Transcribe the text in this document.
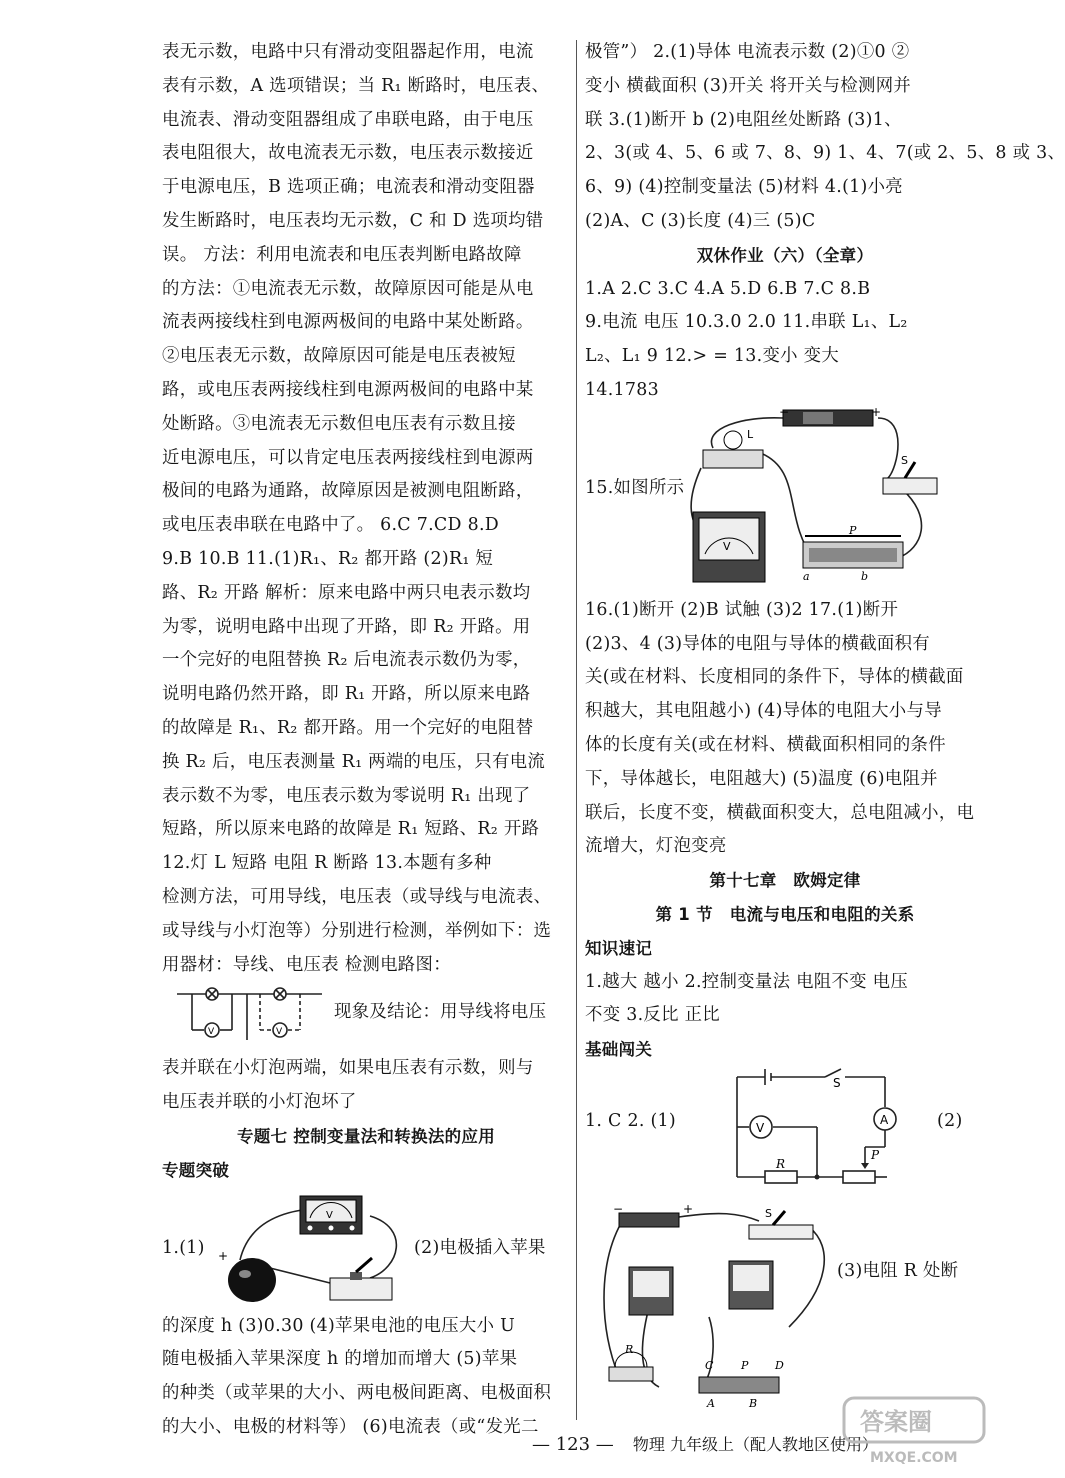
表无示数，电路中只有滑动变阻器起作用，电流
表有示数，A 选项错误；当 R₁ 断路时，电压表、
电流表、滑动变阻器组成了串联电路，由于电压
表电阻很大，故电流表无示数，电压表示数接近
于电源电压，B 选项正确；电流表和滑动变阻器
发生断路时，电压表均无示数，C 和 D 选项均错
误。 方法：利用电流表和电压表判断电路故障
的方法：①电流表无示数，故障原因可能是从电
流表两接线柱到电源两极间的电路中某处断路。
②电压表无示数，故障原因可能是电压表被短
路，或电压表两接线柱到电源两极间的电路中某
处断路。③电流表无示数但电压表有示数且接
近电源电压，可以肯定电压表两接线柱到电源两
极间的电路为通路，故障原因是被测电阻断路，
或电压表串联在电路中了。 6.C 7.CD 8.D
9.B 10.B 11.(1)R₁、R₂ 都开路 (2)R₁ 短
路、R₂ 开路 解析：原来电路中两只电表示数均
为零，说明电路中出现了开路，即 R₂ 开路。用
一个完好的电阻替换 R₂ 后电流表示数仍为零，
说明电路仍然开路，即 R₁ 开路，所以原来电路
的故障是 R₁、R₂ 都开路。用一个完好的电阻替
换 R₂ 后，电压表测量 R₁ 两端的电压，只有电流
表示数不为零，电压表示数为零说明 R₁ 出现了
短路，所以原来电路的故障是 R₁ 短路、R₂ 开路
12.灯 L 短路 电阻 R 断路 13.本题有多种
检测方法，可用导线，电压表（或导线与电流表、
或导线与小灯泡等）分别进行检测，举例如下：选
用器材：导线、电压表 检测电路图：
V	V
现象及结论：用导线将电压
表并联在小灯泡两端，如果电压表有示数，则与
电压表并联的小灯泡坏了
专题七 控制变量法和转换法的应用
专题突破
1.(1)
V
+	(2)电极插入苹果
的深度 h (3)0.30 (4)苹果电池的电压大小 U
随电极插入苹果深度 h 的增加而增大 (5)苹果
的种类（或苹果的大小、两电极间距离、电极面积
的大小、电极的材料等） (6)电流表（或“发光二
极管”） 2.(1)导体 电流表示数 (2)①0 ②
变小 横截面积 (3)开关 将开关与检测网并
联 3.(1)断开 b (2)电阻丝处断路 (3)1、
2、3(或 4、5、6 或 7、8、9) 1、4、7(或 2、5、8 或 3、
6、9) (4)控制变量法 (5)材料 4.(1)小亮
(2)A、C (3)长度 (4)三 (5)C
双休作业（六）（全章）
1.A 2.C 3.C 4.A 5.D 6.B 7.C 8.B
9.电流 电压 10.3.0 2.0 11.串联 L₁、L₂
L₂、L₁ 9 12.> = 13.变小 变大
14.1783
15.如图所示
−	+
L
S
V
P
a	b
16.(1)断开 (2)B 试触 (3)2 17.(1)断开
(2)3、4 (3)导体的电阻与导体的横截面积有
关(或在材料、长度相同的条件下，导体的横截面
积越大，其电阻越小) (4)导体的电阻大小与导
体的长度有关(或在材料、横截面积相同的条件
下，导体越长，电阻越大) (5)温度 (6)电阻并
联后，长度不变，横截面积变大，总电阻减小，电
流增大，灯泡变亮
第十七章　欧姆定律
第 1 节　电流与电压和电阻的关系
知识速记
1.越大 越小 2.控制变量法 电阻不变 电压
不变 3.反比 正比
基础闯关
1. C 2. (1)	A
V
R
S
P
(2)
−	+	S
R
C	P D
A	B
(3)电阻 R 处断
— 123 — 物理 九年级上（配人教地区使用）
答案圈
MXQE.COM
